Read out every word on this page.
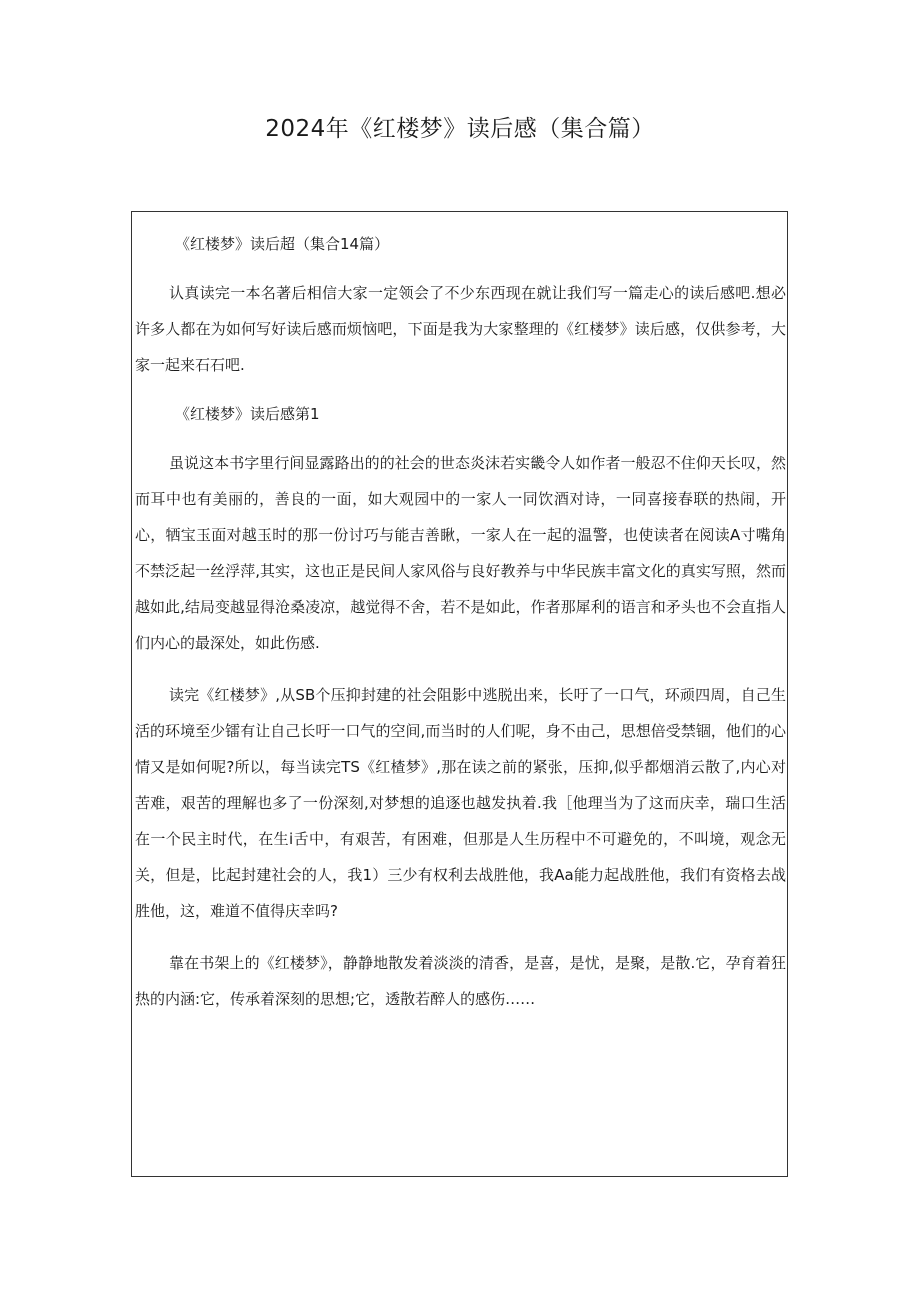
2024年《红楼梦》读后感（集合篇）

《红楼梦》读后超（集合14篇）

认真读完一本名著后相信大家一定领会了不少东西现在就让我们写一篇走心的读后感吧.想必许多人都在为如何写好读后感而烦恼吧，下面是我为大家整理的《红楼梦》读后感，仅供参考，大家一起来石石吧.

《红楼梦》读后感第1

虽说这本书字里行间显露路出的的社会的世态炎沫若实畿令人如作者一般忍不住仰天长叹，然而耳中也有美丽的，善良的一面，如大观园中的一家人一同饮酒对诗，一同喜接春联的热闹，开心，牺宝玉面对越玉时的那一份讨巧与能吉善瞅，一家人在一起的温警，也使读者在阅读A寸嘴角不禁泛起一丝浮萍,其实，这也正是民间人家风俗与良好教养与中华民族丰富文化的真实写照，然而越如此,结局变越显得沧桑凌凉，越觉得不舍，若不是如此，作者那犀利的语言和矛头也不会直指人们内心的最深处，如此伤感.

读完《红楼梦》,从SB个压抑封建的社会阻影中逃脱出来，长吁了一口气，环顽四周，自己生活的环境至少镭有让自己长吁一口气的空间,而当时的人们呢，身不由己，思想倍受禁锢，他们的心情又是如何呢?所以，每当读完TS《红楂梦》,那在读之前的紧张，压抑,似乎都烟消云散了,内心对苦难，艰苦的理解也多了一份深刻,对梦想的追逐也越发执着.我［他理当为了这而庆幸，瑞口生活在一个民主时代，在生i舌中，有艰苦，有困难，但那是人生历程中不可避免的，不叫境，观念无关，但是，比起封建社会的人，我1）三少有权利去战胜他，我Aa能力起战胜他，我们有资格去战胜他，这，难道不值得庆幸吗?

靠在书架上的《红楼梦》，静静地散发着淡淡的清香，是喜，是忧，是聚，是散.它，孕育着狂热的内涵:它，传承着深刻的思想;它，透散若醉人的感伤……
